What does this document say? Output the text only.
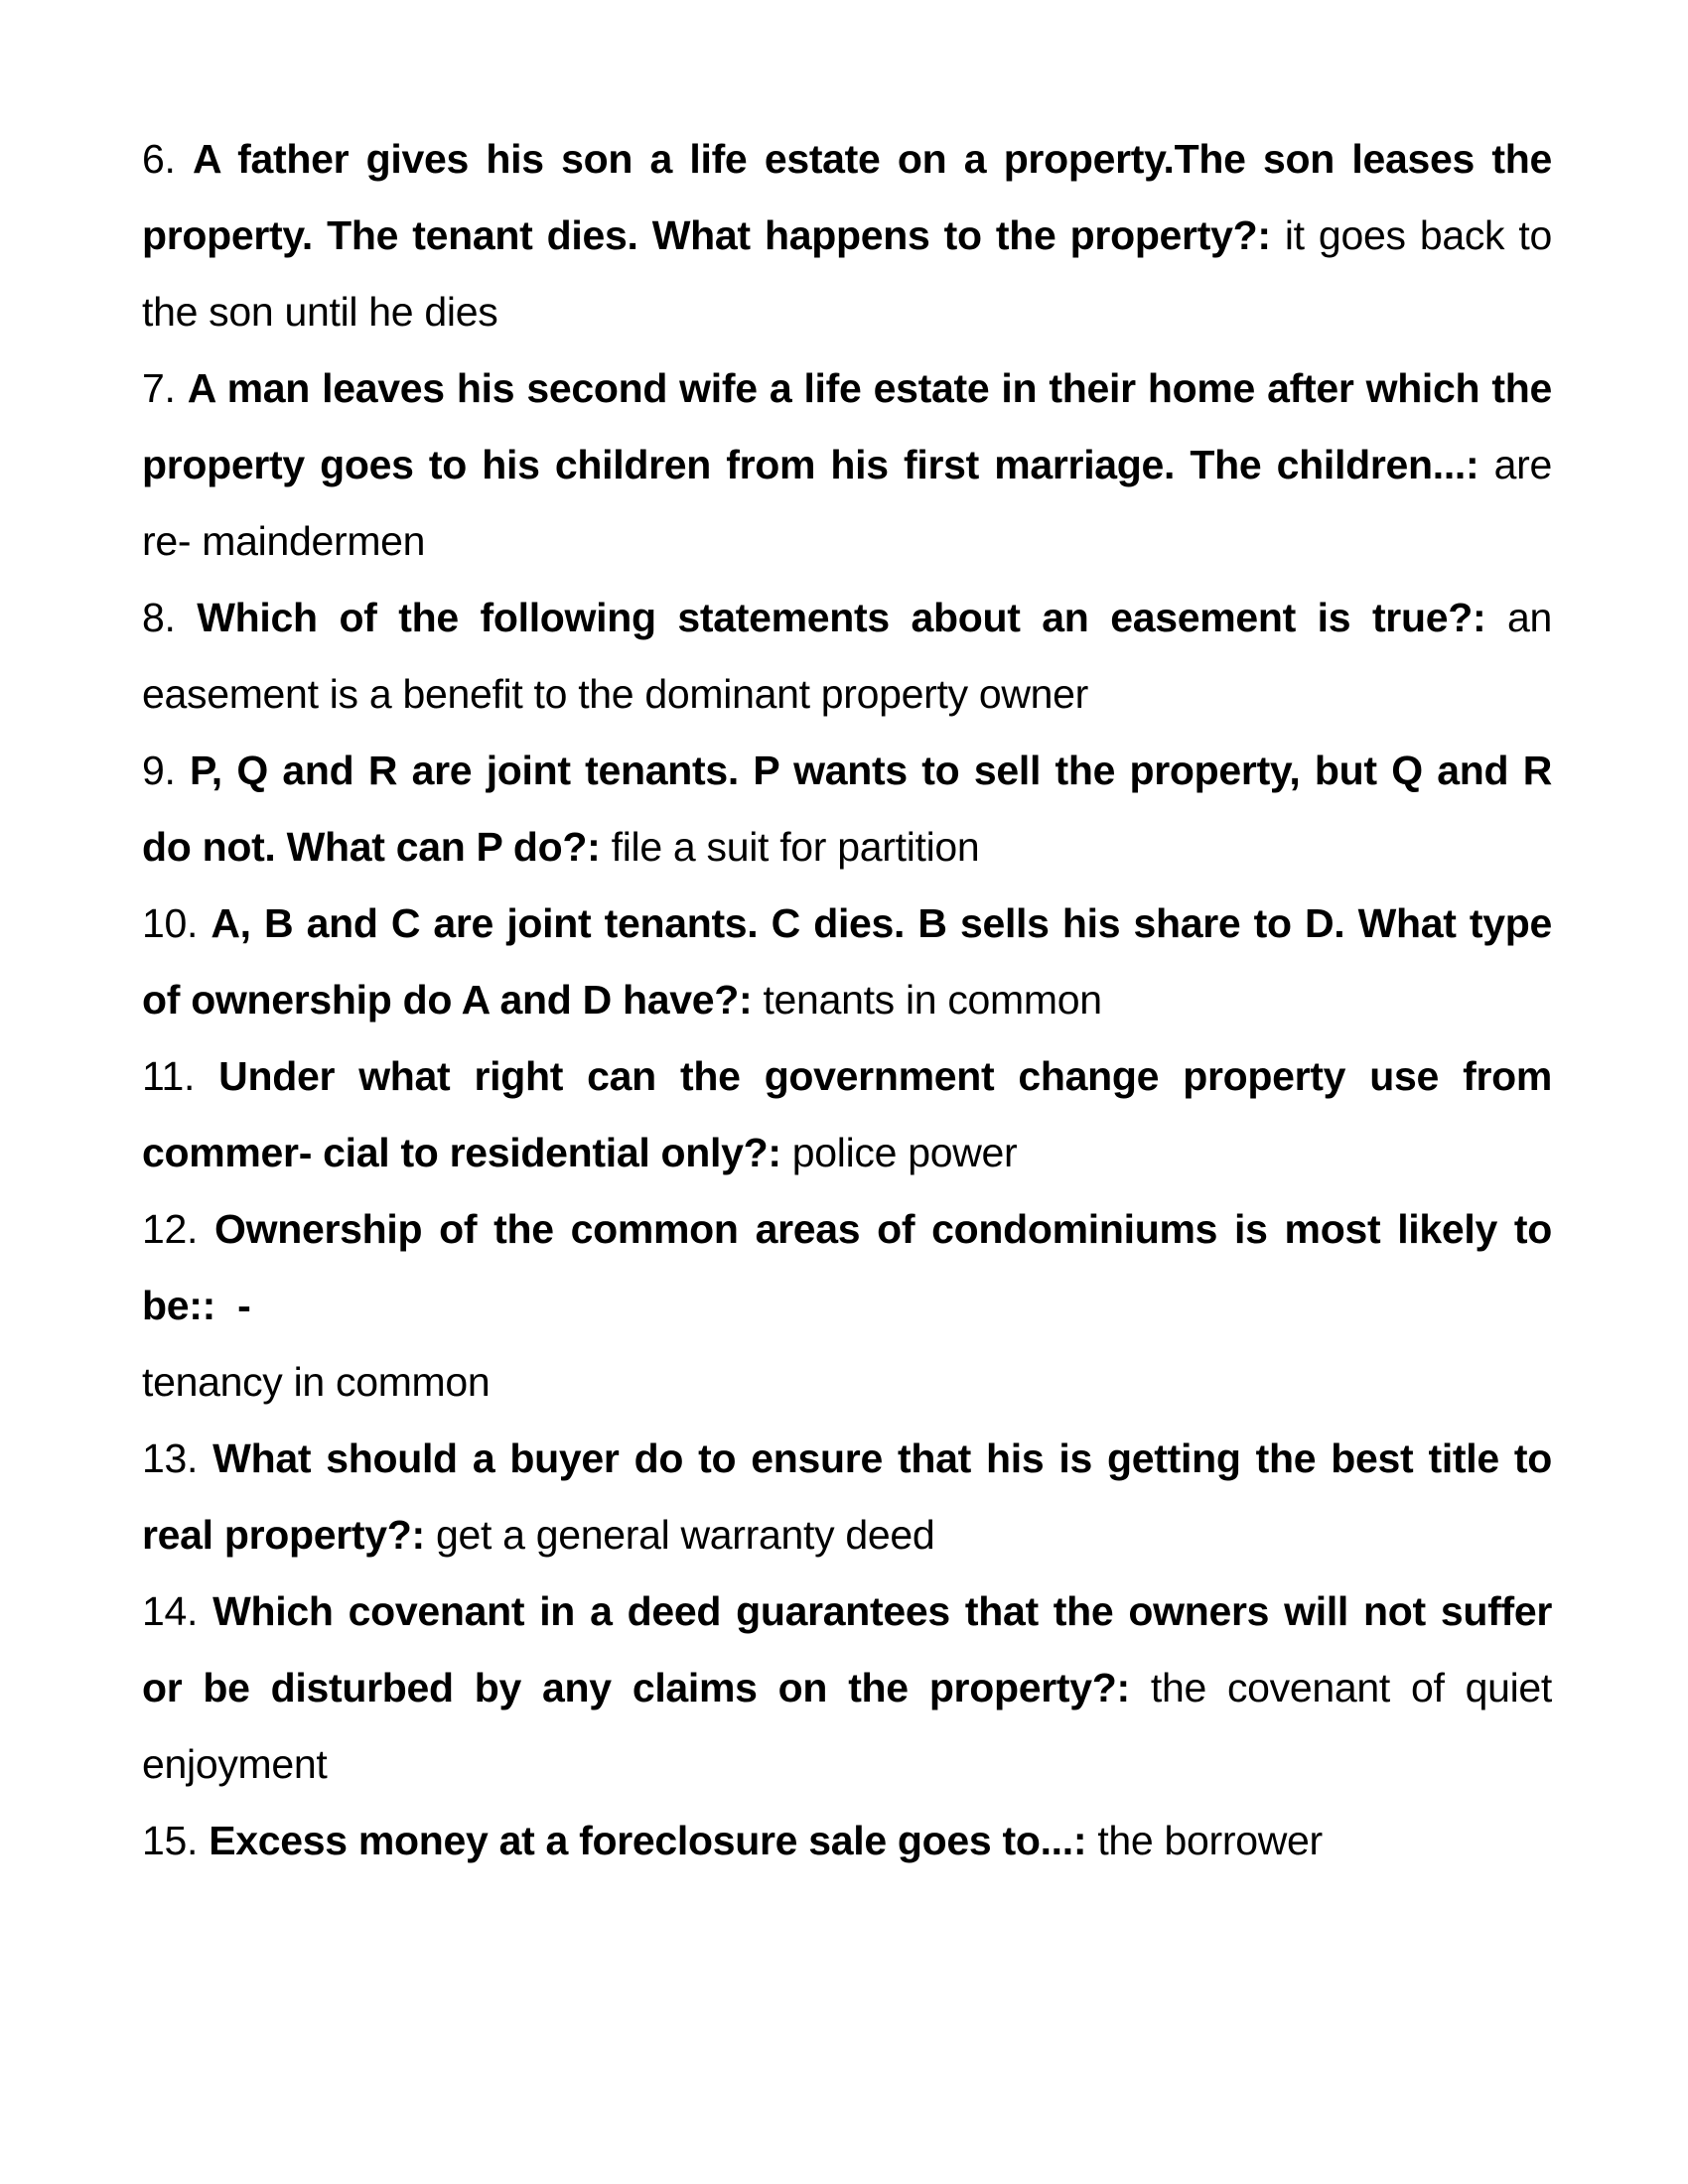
6. A father gives his son a life estate on a property.The son leases the property. The tenant dies. What happens to the property?: it goes back to the son until he dies

7. A man leaves his second wife a life estate in their home after which the property goes to his children from his first marriage. The children...: are re- maindermen

8. Which of the following statements about an easement is true?: an easement is a benefit to the dominant property owner

9. P, Q and R are joint tenants. P wants to sell the property, but Q and R do not. What can P do?: file a suit for partition

10. A, B and C are joint tenants. C dies. B sells his share to D. What type of ownership do A and D have?: tenants in common

11. Under what right can the government change property use from commer- cial to residential only?: police power

12. Ownership of the common areas of condominiums is most likely to be::  -
tenancy in common

13. What should a buyer do to ensure that his is getting the best title to real property?: get a general warranty deed

14. Which covenant in a deed guarantees that the owners will not suffer or be disturbed by any claims on the property?: the covenant of quiet enjoyment

15. Excess money at a foreclosure sale goes to...: the borrower
